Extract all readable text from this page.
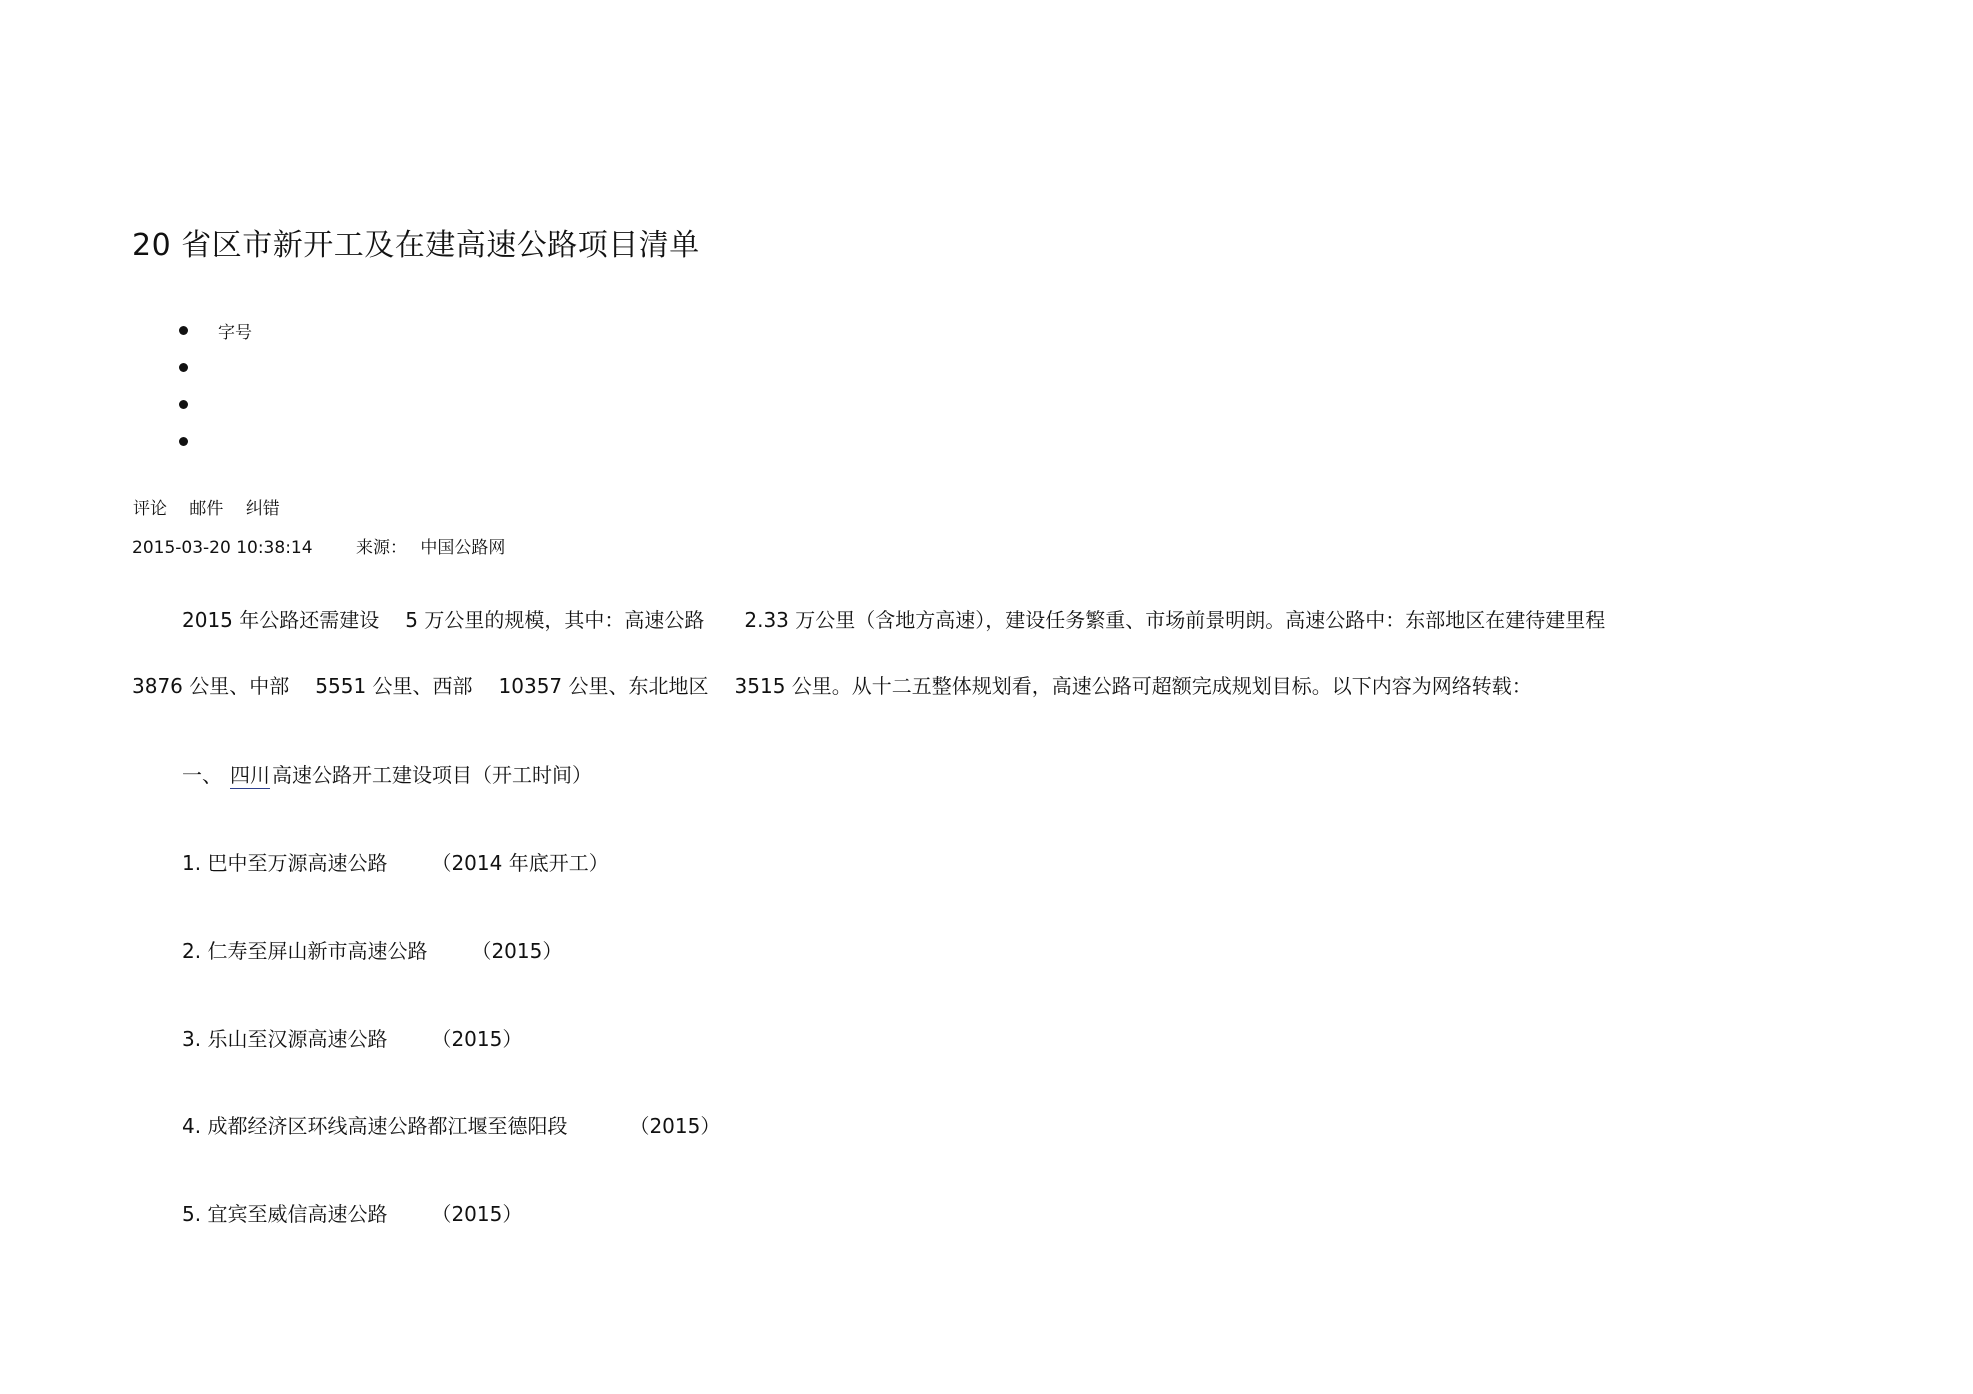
20 省区市新开工及在建高速公路项目清单
字号
评论 邮件 纠错
2015-03-20 10:38:14	来源： 中国公路网
2015 年公路还需建设 5 万公里的规模，其中：高速公路 2.33 万公里（含地方高速），建设任务繁重、市场前景明朗。高速公路中：东部地区在建待建里程
3876 公里、中部 5551 公里、西部 10357 公里、东北地区 3515 公里。从十二五整体规划看，高速公路可超额完成规划目标。以下内容为网络转载：
一、 四川 高速公路开工建设项目（开工时间）
1. 巴中至万源高速公路 （2014 年底开工）
2. 仁寿至屏山新市高速公路 （2015）
3. 乐山至汉源高速公路 （2015）
4. 成都经济区环线高速公路都江堰至德阳段	（2015）
5. 宜宾至威信高速公路 （2015）
